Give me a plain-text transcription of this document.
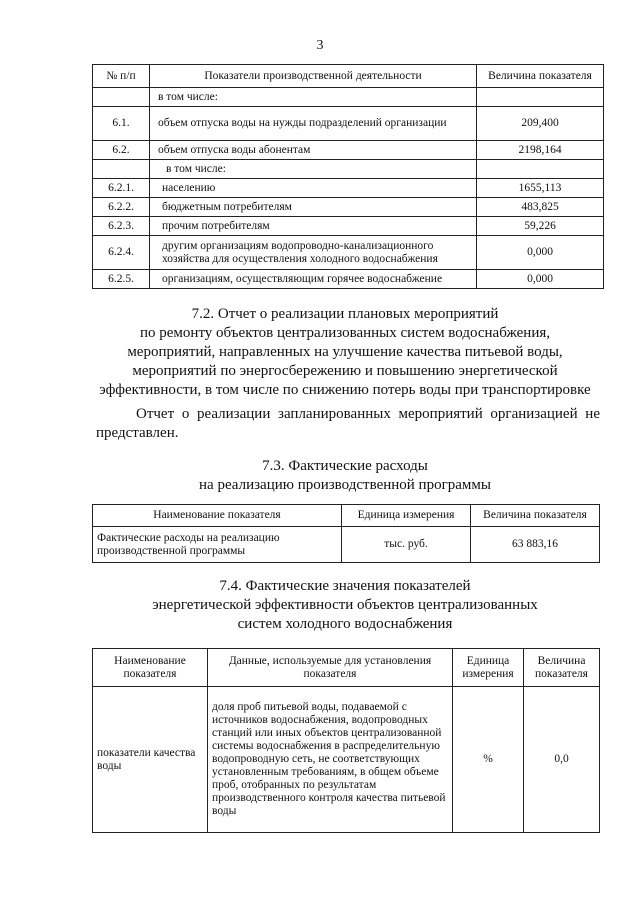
3
№ п/п	Показатели производственной деятельности	Величина показателя
	в том числе:	
6.1.	объем отпуска воды на нужды подразделений организации	209,400
6.2.	объем отпуска воды абонентам	2198,164
	в том числе:	
6.2.1.	населению	1655,113
6.2.2.	бюджетным потребителям	483,825
6.2.3.	прочим потребителям	59,226
6.2.4.	другим организациям водопроводно-канализационного хозяйства для осуществления холодного водоснабжения	0,000
6.2.5.	организациям, осуществляющим горячее водоснабжение	0,000
7.2. Отчет о реализации плановых мероприятий
по ремонту объектов централизованных систем водоснабжения,
мероприятий, направленных на улучшение качества питьевой воды,
мероприятий по энергосбережению и повышению энергетической
эффективности, в том числе по снижению потерь воды при транспортировке
Отчет о реализации запланированных мероприятий организацией не представлен.
7.3. Фактические расходы
на реализацию производственной программы
Наименование показателя	Единица измерения	Величина показателя
Фактические расходы на реализацию производственной программы	тыс. руб.	63 883,16
7.4. Фактические значения показателей
энергетической эффективности объектов централизованных
систем холодного водоснабжения
Наименование показателя	Данные, используемые для установления показателя	Единица измерения	Величина показателя
показатели качества воды	доля проб питьевой воды, подаваемой с источников водоснабжения, водопроводных станций или иных объектов централизованной системы водоснабжения в распределительную водопроводную сеть, не соответствующих установленным требованиям, в общем объеме проб, отобранных по результатам производственного контроля качества питьевой воды	%	0,0
